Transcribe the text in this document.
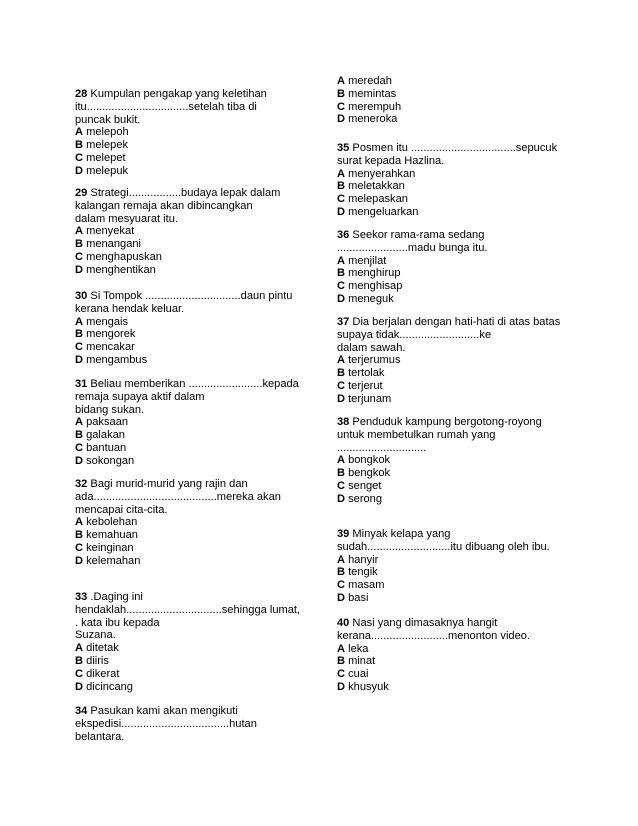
28 Kumpulan pengakap yang keletihan
itu.................................setelah tiba di
puncak bukit.
A melepoh
B melepek
C melepet
D melepuk
29 Strategi.................budaya lepak dalam
kalangan remaja akan dibincangkan
dalam mesyuarat itu.
A menyekat
B menangani
C menghapuskan
D menghentikan
30 Si Tompok ...............................daun pintu
kerana hendak keluar.
A mengais
B mengorek
C mencakar
D mengambus
31 Beliau memberikan ........................kepada
remaja supaya aktif dalam
bidang sukan.
A paksaan
B galakan
C bantuan
D sokongan
32 Bagi murid-murid yang rajin dan
ada........................................mereka akan
mencapai cita-cita.
A kebolehan
B kemahuan
C keinginan
D kelemahan
33 .Daging ini
hendaklah...............................sehingga lumat,
. kata ibu kepada
Suzana.
A ditetak
B diiris
C dikerat
D dicincang
34 Pasukan kami akan mengikuti
ekspedisi...................................hutan
belantara.
A meredah
B memintas
C merempuh
D meneroka
35 Posmen itu ..................................sepucuk
surat kepada Hazlina.
A menyerahkan
B meletakkan
C melepaskan
D mengeluarkan
36 Seekor rama-rama sedang
.......................madu bunga itu.
A menjilat
B menghirup
C menghisap
D meneguk
37 Dia berjalan dengan hati-hati di atas batas
supaya tidak..........................ke
dalam sawah.
A terjerumus
B tertolak
C terjerut
D terjunam
38 Penduduk kampung bergotong-royong
untuk membetulkan rumah yang
.............................
A bongkok
B bengkok
C senget
D serong
39 Minyak kelapa yang
sudah...........................itu dibuang oleh ibu.
A hanyir
B tengik
C masam
D basi
40 Nasi yang dimasaknya hangit
kerana.........................menonton video.
A leka
B minat
C cuai
D khusyuk
